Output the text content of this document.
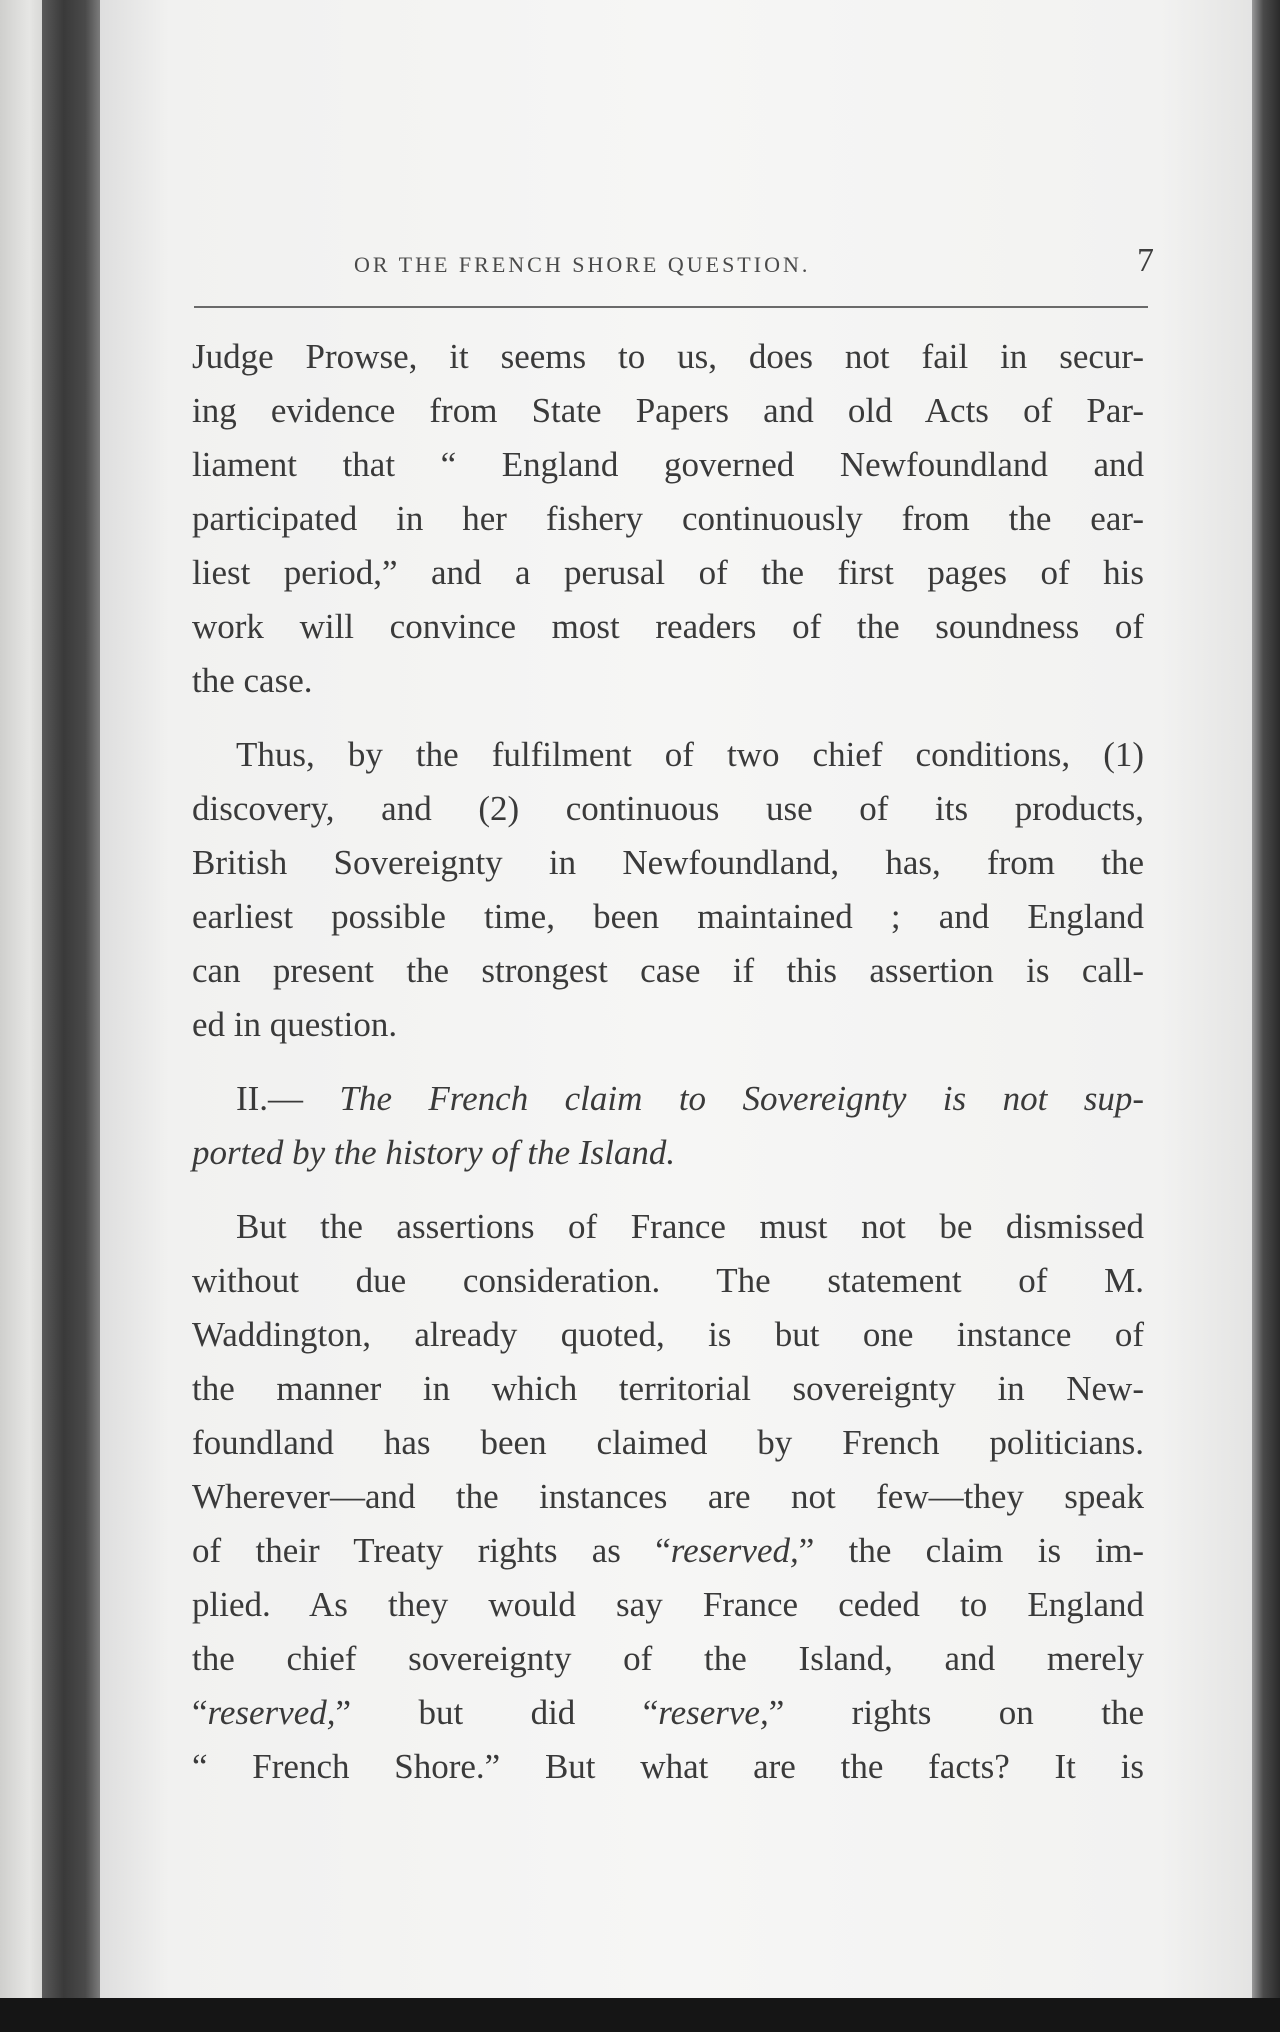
OR THE FRENCH SHORE QUESTION.	7
Judge Prowse, it seems to us, does not fail in secur-
ing evidence from State Papers and old Acts of Par-
liament that “ England governed Newfoundland and
participated in her fishery continuously from the ear-
liest period,” and a perusal of the first pages of his
work will convince most readers of the soundness of
the case.
Thus, by the fulfilment of two chief conditions, (1)
discovery, and (2) continuous use of its products,
British Sovereignty in Newfoundland, has, from the
earliest possible time, been maintained ; and England
can present the strongest case if this assertion is call-
ed in question.
II.— The French claim to Sovereignty is not sup-
ported by the history of the Island.
But the assertions of France must not be dismissed
without due consideration. The statement of M.
Waddington, already quoted, is but one instance of
the manner in which territorial sovereignty in New-
foundland has been claimed by French politicians.
Wherever—and the instances are not few—they speak
of their Treaty rights as “reserved,” the claim is im-
plied. As they would say France ceded to England
the chief sovereignty of the Island, and merely
“reserved,” but did “reserve,” rights on the
“ French Shore.” But what are the facts? It is
